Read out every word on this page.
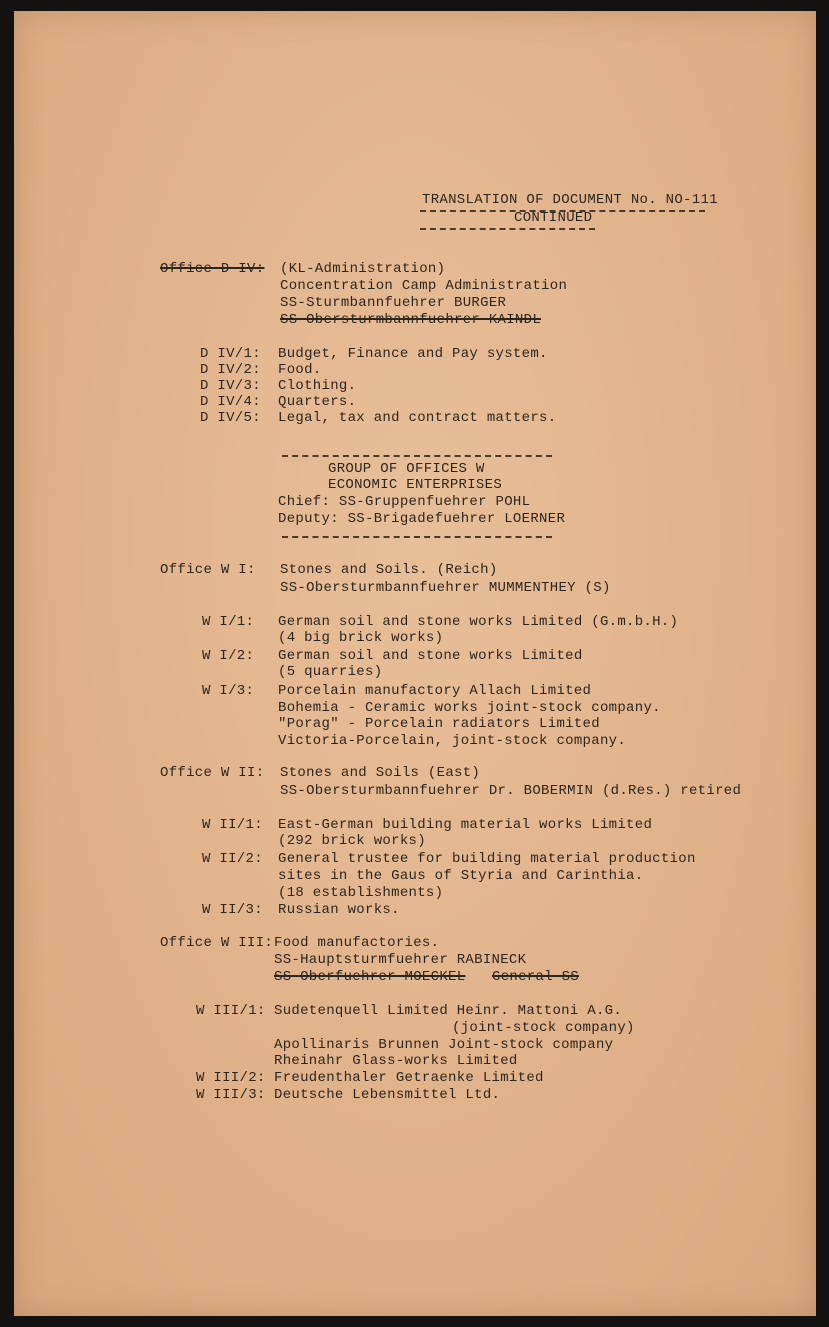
TRANSLATION OF DOCUMENT No. NO-111
CONTINUED
Office-D-IV: (KL-Administration)
Concentration Camp Administration
SS-Sturmbannfuehrer BURGER
SS-Obersturmbannfuehrer KAINDL
D IV/1: Budget, Finance and Pay system.
D IV/2: Food.
D IV/3: Clothing.
D IV/4: Quarters.
D IV/5: Legal, tax and contract matters.
GROUP OF OFFICES W
ECONOMIC ENTERPRISES
Chief: SS-Gruppenfuehrer POHL
Deputy: SS-Brigadefuehrer LOERNER
Office W I: Stones and Soils. (Reich)
SS-Obersturmbannfuehrer MUMMENTHEY (S)
W I/1: German soil and stone works Limited (G.m.b.H.)
(4 big brick works)
W I/2: German soil and stone works Limited
(5 quarries)
W I/3: Porcelain manufactory Allach Limited
Bohemia - Ceramic works joint-stock company.
"Porag" - Porcelain radiators Limited
Victoria-Porcelain, joint-stock company.
Office W II: Stones and Soils (East)
SS-Obersturmbannfuehrer Dr. BOBERMIN (d.Res.) retired
W II/1: East-German building material works Limited
(292 brick works)
W II/2: General trustee for building material production
sites in the Gaus of Styria and Carinthia.
(18 establishments)
W II/3: Russian works.
Office W III: Food manufactories.
SS-Hauptsturmfuehrer RABINECK
SS-Oberfuehrer-MOECKEL General-SS
W III/1: Sudetenquell Limited Heinr. Mattoni A.G.
(joint-stock company)
Apollinaris Brunnen Joint-stock company
Rheinahr Glass-works Limited
W III/2: Freudenthaler Getraenke Limited
W III/3: Deutsche Lebensmittel Ltd.
